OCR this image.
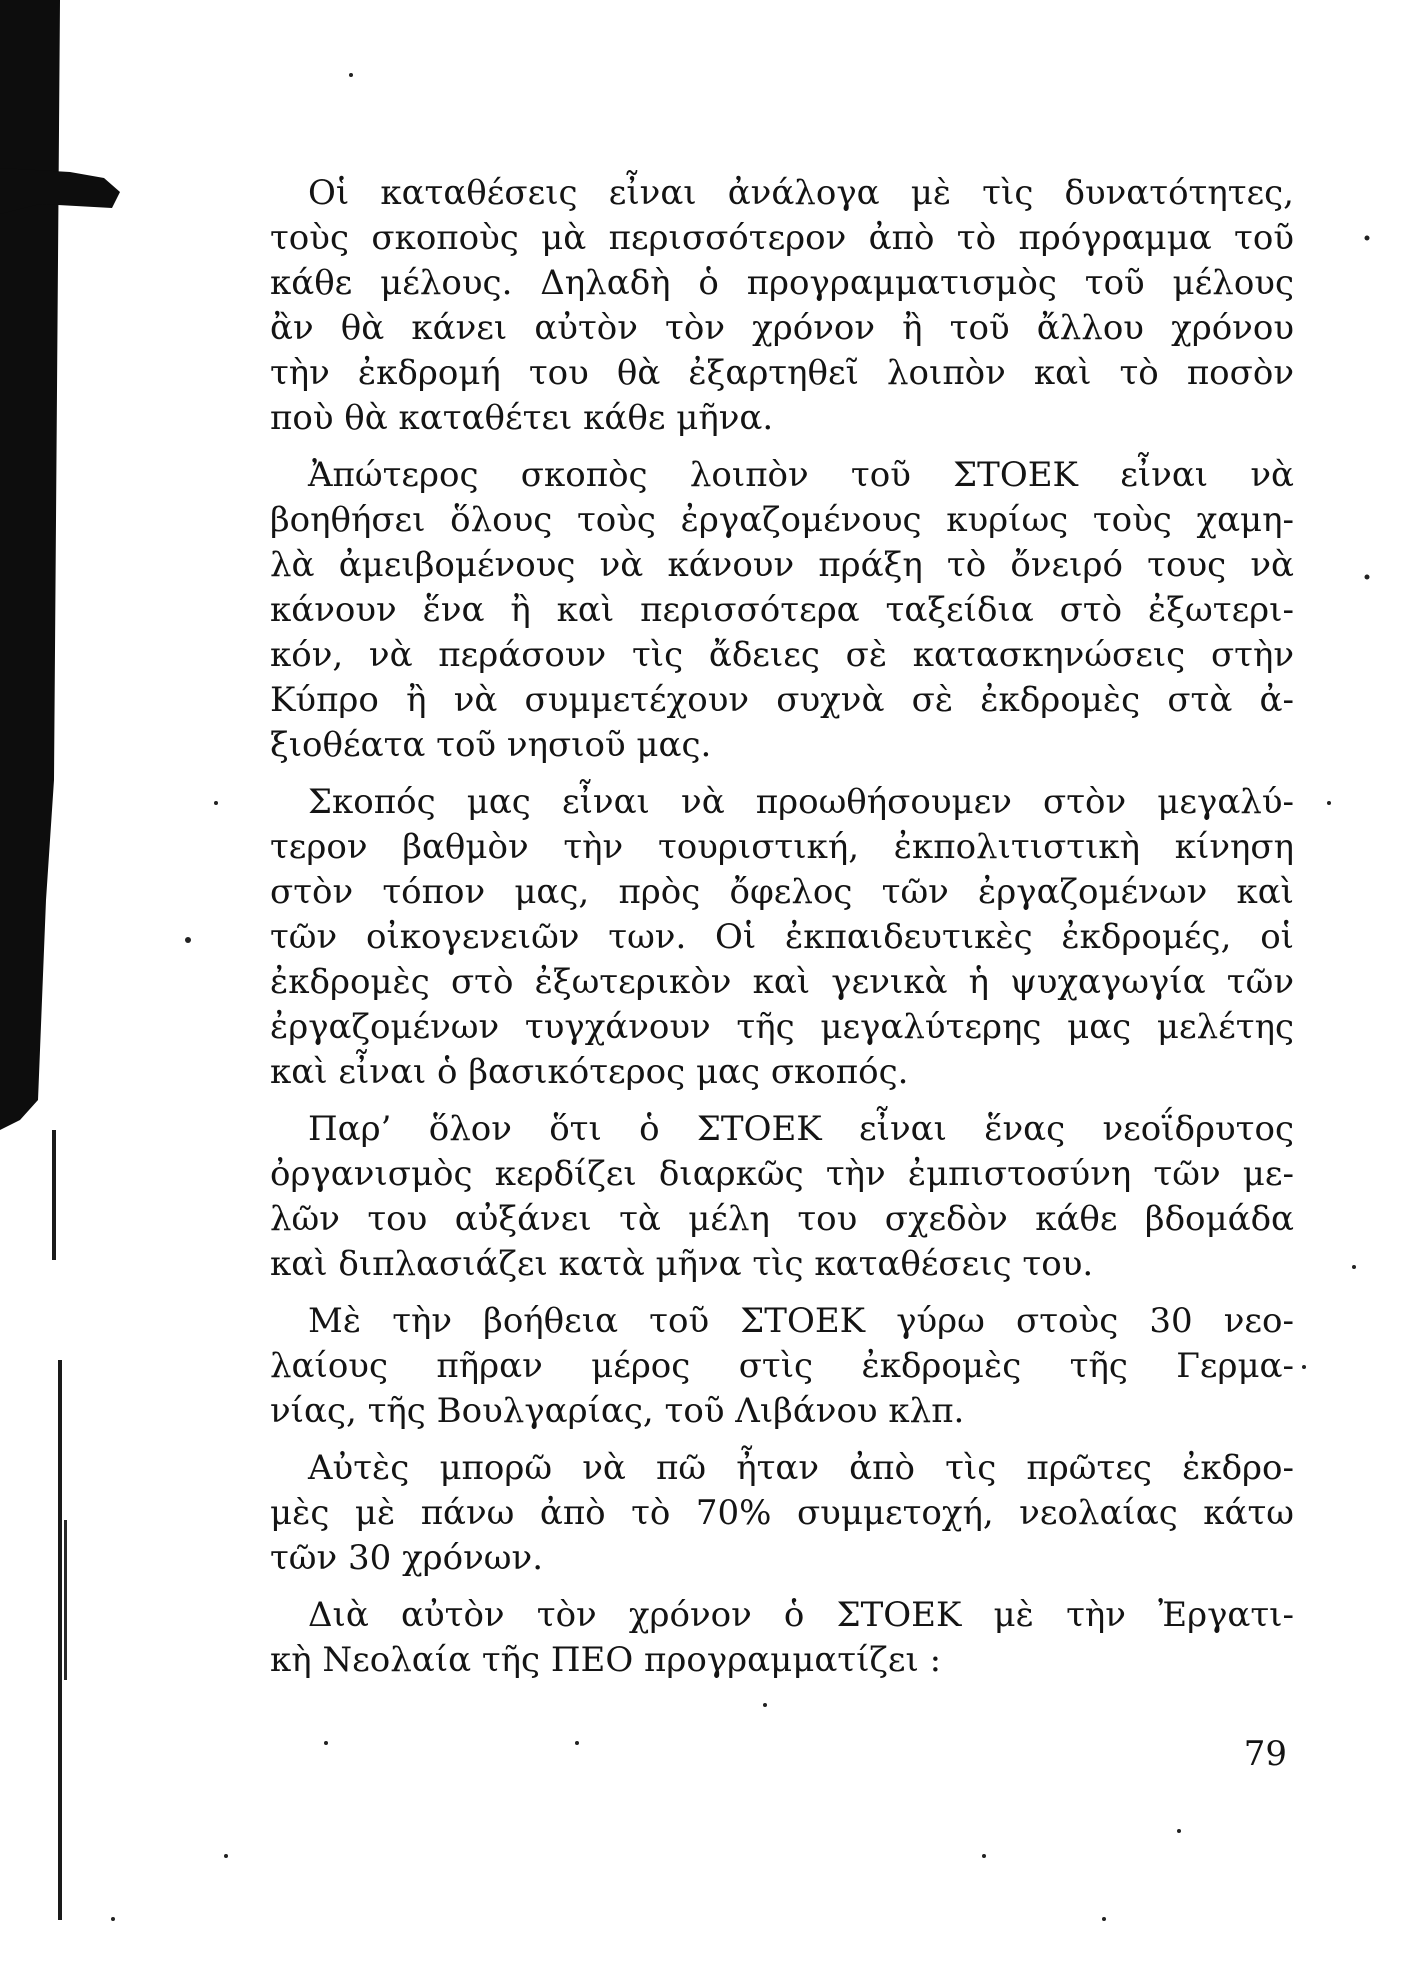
Οἱ καταθέσεις εἶναι ἀνάλογα μὲ τὶς δυνατότητες,
τοὺς σκοποὺς μὰ περισσότερον ἀπὸ τὸ πρόγραμμα τοῦ
κάθε μέλους. Δηλαδὴ ὁ προγραμματισμὸς τοῦ μέλους
ἂν θὰ κάνει αὐτὸν τὸν χρόνον ἢ τοῦ ἄλλου χρόνου
τὴν ἐκδρομή του θὰ ἐξαρτηθεῖ λοιπὸν καὶ τὸ ποσὸν
ποὺ θὰ καταθέτει κάθε μῆνα.
Ἀπώτερος σκοπὸς λοιπὸν τοῦ ΣΤΟΕΚ εἶναι νὰ
βοηθήσει ὅλους τοὺς ἐργαζομένους κυρίως τοὺς χαμη-
λὰ ἀμειβομένους νὰ κάνουν πράξη τὸ ὄνειρό τους νὰ
κάνουν ἕνα ἢ καὶ περισσότερα ταξείδια στὸ ἐξωτερι-
κόν, νὰ περάσουν τὶς ἄδειες σὲ κατασκηνώσεις στὴν
Κύπρο ἢ νὰ συμμετέχουν συχνὰ σὲ ἐκδρομὲς στὰ ἀ-
ξιοθέατα τοῦ νησιοῦ μας.
Σκοπός μας εἶναι νὰ προωθήσουμεν στὸν μεγαλύ-
τερον βαθμὸν τὴν τουριστική, ἐκπολιτιστικὴ κίνηση
στὸν τόπον μας, πρὸς ὄφελος τῶν ἐργαζομένων καὶ
τῶν οἰκογενειῶν των. Οἱ ἐκπαιδευτικὲς ἐκδρομές, οἱ
ἐκδρομὲς στὸ ἐξωτερικὸν καὶ γενικὰ ἡ ψυχαγωγία τῶν
ἐργαζομένων τυγχάνουν τῆς μεγαλύτερης μας μελέτης
καὶ εἶναι ὁ βασικότερος μας σκοπός.
Παρ’ ὅλον ὅτι ὁ ΣΤΟΕΚ εἶναι ἕνας νεοΐδρυτος
ὀργανισμὸς κερδίζει διαρκῶς τὴν ἐμπιστοσύνη τῶν με-
λῶν του αὐξάνει τὰ μέλη του σχεδὸν κάθε βδομάδα
καὶ διπλασιάζει κατὰ μῆνα τὶς καταθέσεις του.
Μὲ τὴν βοήθεια τοῦ ΣΤΟΕΚ γύρω στοὺς 30 νεο-
λαίους πῆραν μέρος στὶς ἐκδρομὲς τῆς Γερμα-
νίας, τῆς Βουλγαρίας, τοῦ Λιβάνου κλπ.
Αὐτὲς μπορῶ νὰ πῶ ἦταν ἀπὸ τὶς πρῶτες ἐκδρο-
μὲς μὲ πάνω ἀπὸ τὸ 70% συμμετοχή, νεολαίας κάτω
τῶν 30 χρόνων.
Διὰ αὐτὸν τὸν χρόνον ὁ ΣΤΟΕΚ μὲ τὴν Ἐργατι-
κὴ Νεολαία τῆς ΠΕΟ προγραμματίζει :
79
